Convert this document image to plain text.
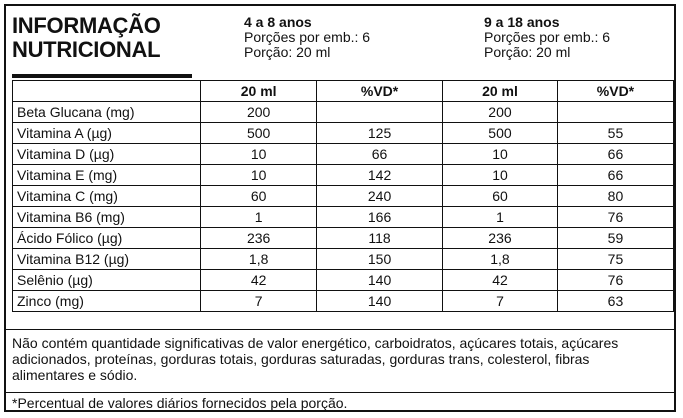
INFORMAÇÃO
NUTRICIONAL
4 a 8 anos
Porções por emb.: 6
Porção: 20 ml
9 a 18 anos
Porções por emb.: 6
Porção: 20 ml
	20 ml	%VD*	20 ml	%VD*
Beta Glucana (mg)	200		200	
Vitamina A (µg)	500	125	500	55
Vitamina D (µg)	10	66	10	66
Vitamina E (mg)	10	142	10	66
Vitamina C (mg)	60	240	60	80
Vitamina B6 (mg)	1	166	1	76
Ácido Fólico (µg)	236	118	236	59
Vitamina B12 (µg)	1,8	150	1,8	75
Selênio (µg)	42	140	42	76
Zinco (mg)	7	140	7	63
Não contém quantidade significativas de valor energético, carboidratos, açúcares totais, açúcares adicionados, proteínas, gorduras totais, gorduras saturadas, gorduras trans, colesterol, fibras alimentares e sódio.
*Percentual de valores diários fornecidos pela porção.
